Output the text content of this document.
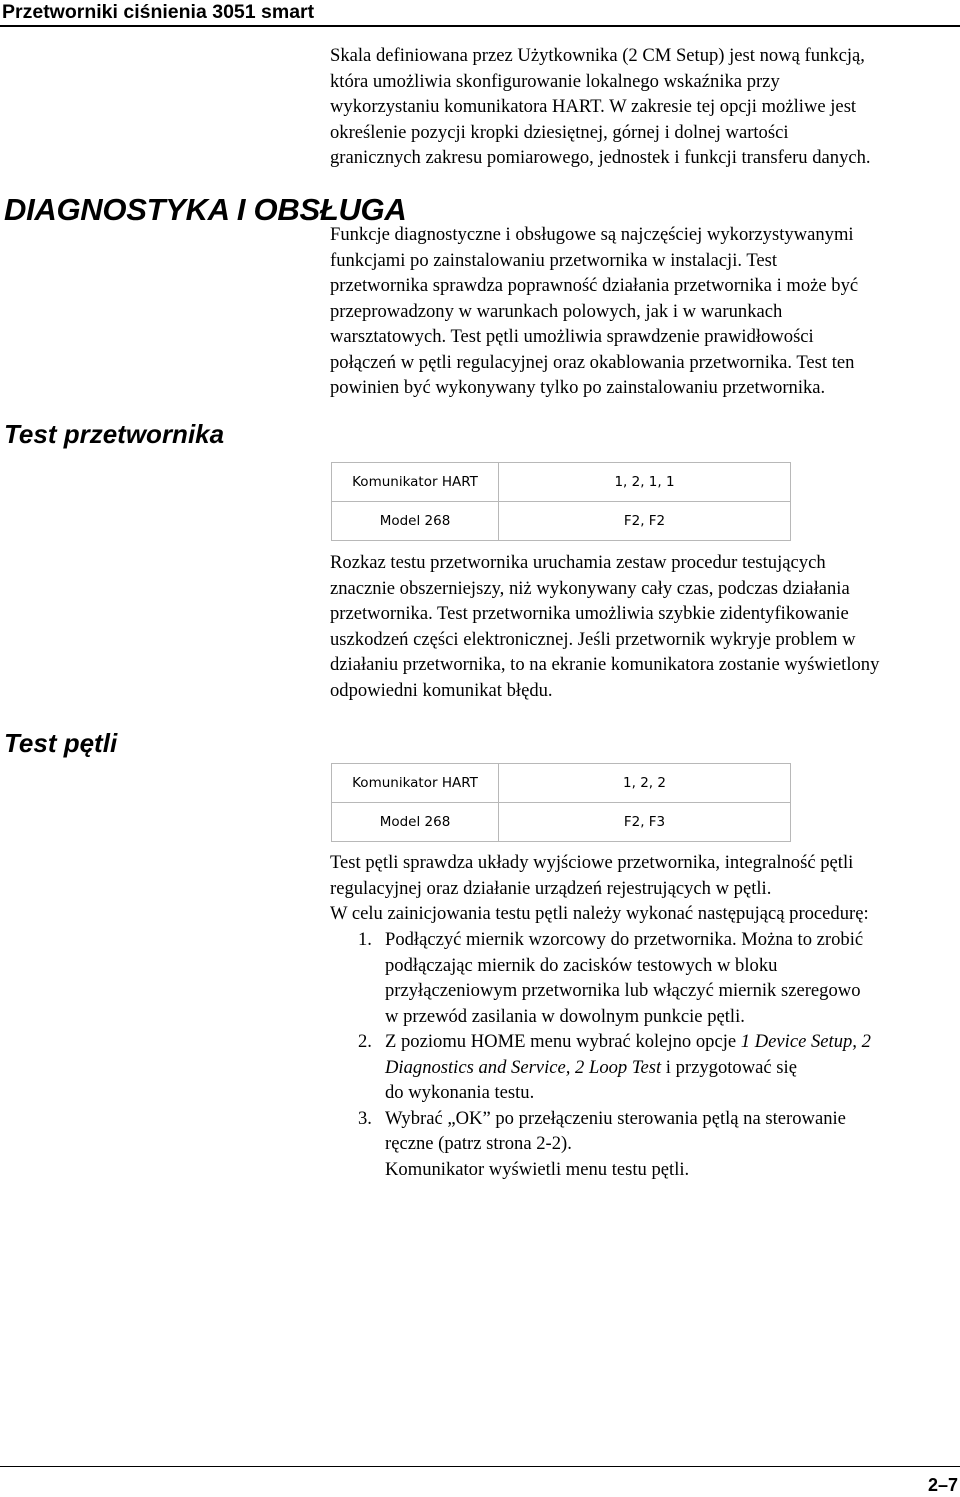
Przetworniki ciśnienia 3051 smart
Skala definiowana przez Użytkownika (2 CM Setup) jest nową funkcją,
która umożliwia skonfigurowanie lokalnego wskaźnika przy
wykorzystaniu komunikatora HART. W zakresie tej opcji możliwe jest
określenie pozycji kropki dziesiętnej, górnej i dolnej wartości
granicznych zakresu pomiarowego, jednostek i funkcji transferu danych.
DIAGNOSTYKA I OBSŁUGA
Funkcje diagnostyczne i obsługowe są najczęściej wykorzystywanymi
funkcjami po zainstalowaniu przetwornika w instalacji. Test
przetwornika sprawdza poprawność działania przetwornika i może być
przeprowadzony w warunkach polowych, jak i w warunkach
warsztatowych. Test pętli umożliwia sprawdzenie prawidłowości
połączeń w pętli regulacyjnej oraz okablowania przetwornika. Test ten
powinien być wykonywany tylko po zainstalowaniu przetwornika.
Test przetwornika
Komunikator HART	1, 2, 1, 1
Model 268	F2, F2
Rozkaz testu przetwornika uruchamia zestaw procedur testujących
znacznie obszerniejszy, niż wykonywany cały czas, podczas działania
przetwornika. Test przetwornika umożliwia szybkie zidentyfikowanie
uszkodzeń części elektronicznej. Jeśli przetwornik wykryje problem w
działaniu przetwornika, to na ekranie komunikatora zostanie wyświetlony
odpowiedni komunikat błędu.
Test pętli
Komunikator HART	1, 2, 2
Model 268	F2, F3
Test pętli sprawdza układy wyjściowe przetwornika, integralność pętli
regulacyjnej oraz działanie urządzeń rejestrujących w pętli.
W celu zainicjowania testu pętli należy wykonać następującą procedurę:
1. Podłączyć miernik wzorcowy do przetwornika. Można to zrobić
podłączając miernik do zacisków testowych w bloku
przyłączeniowym przetwornika lub włączyć miernik szeregowo
w przewód zasilania w dowolnym punkcie pętli.
2. Z poziomu HOME menu wybrać kolejno opcje 1 Device Setup, 2
Diagnostics and Service, 2 Loop Test i przygotować się
do wykonania testu.
3. Wybrać „OK” po przełączeniu sterowania pętlą na sterowanie
ręczne (patrz strona 2-2).
Komunikator wyświetli menu testu pętli.
2–7
